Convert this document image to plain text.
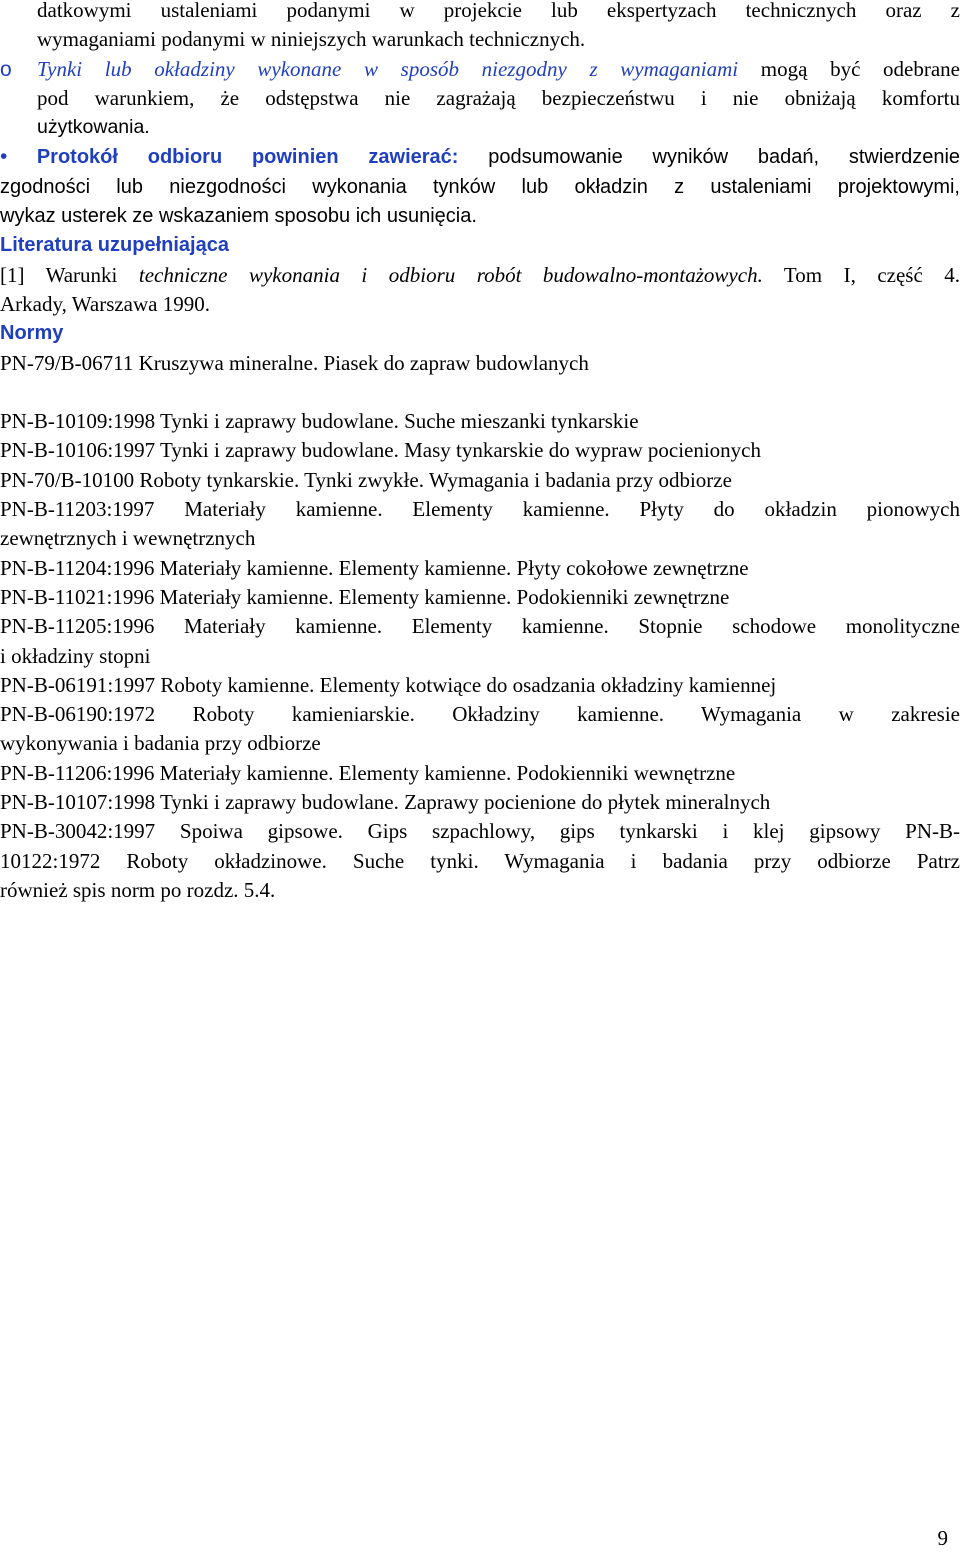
datkowymi ustaleniami podanymi w projekcie lub ekspertyzach technicznych oraz z
wymaganiami podanymi w niniejszych warunkach technicznych.
o	Tynki lub okładziny wykonane w sposób niezgodny z wymaganiami mogą być odebrane
pod warunkiem, że odstępstwa nie zagrażają bezpieczeństwu i nie obniżają komfortu
użytkowania.
• Protokół odbioru powinien zawierać: podsumowanie wyników badań, stwierdzenie
zgodności lub niezgodności wykonania tynków lub okładzin z ustaleniami projektowymi,
wykaz usterek ze wskazaniem sposobu ich usunięcia.
Literatura uzupełniająca
[1] Warunki techniczne wykonania i odbioru robót budowalno-montażowych. Tom I, część 4.
Arkady, Warszawa 1990.
Normy
PN-79/B-06711 Kruszywa mineralne. Piasek do zapraw budowlanych
PN-B-10109:1998 Tynki i zaprawy budowlane. Suche mieszanki tynkarskie
PN-B-10106:1997 Tynki i zaprawy budowlane. Masy tynkarskie do wypraw pocienionych
PN-70/B-10100 Roboty tynkarskie. Tynki zwykłe. Wymagania i badania przy odbiorze
PN-B-11203:1997 Materiały kamienne. Elementy kamienne. Płyty do okładzin pionowych
zewnętrznych i wewnętrznych
PN-B-11204:1996 Materiały kamienne. Elementy kamienne. Płyty cokołowe zewnętrzne
PN-B-11021:1996 Materiały kamienne. Elementy kamienne. Podokienniki zewnętrzne
PN-B-11205:1996 Materiały kamienne. Elementy kamienne. Stopnie schodowe monolityczne
i okładziny stopni
PN-B-06191:1997 Roboty kamienne. Elementy kotwiące do osadzania okładziny kamiennej
PN-B-06190:1972 Roboty kamieniarskie. Okładziny kamienne. Wymagania w zakresie
wykonywania i badania przy odbiorze
PN-B-11206:1996 Materiały kamienne. Elementy kamienne. Podokienniki wewnętrzne
PN-B-10107:1998 Tynki i zaprawy budowlane. Zaprawy pocienione do płytek mineralnych
PN-B-30042:1997 Spoiwa gipsowe. Gips szpachlowy, gips tynkarski i klej gipsowy PN-B-
10122:1972 Roboty okładzinowe. Suche tynki. Wymagania i badania przy odbiorze Patrz
również spis norm po rozdz. 5.4.
9
